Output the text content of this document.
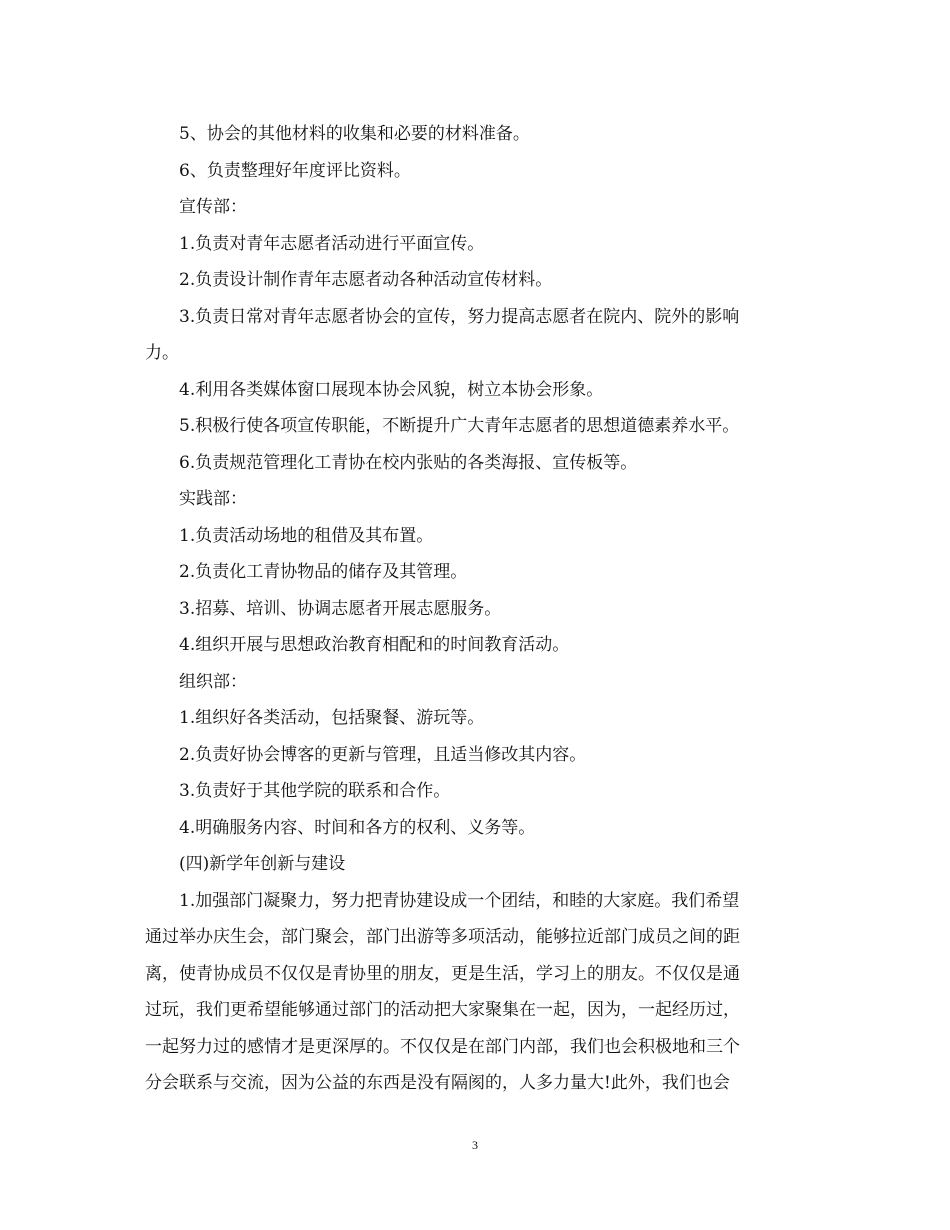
5、协会的其他材料的收集和必要的材料准备。
6、负责整理好年度评比资料。
宣传部：
1.负责对青年志愿者活动进行平面宣传。
2.负责设计制作青年志愿者动各种活动宣传材料。
3.负责日常对青年志愿者协会的宣传，努力提高志愿者在院内、院外的影响
力。
4.利用各类媒体窗口展现本协会风貌，树立本协会形象。
5.积极行使各项宣传职能，不断提升广大青年志愿者的思想道德素养水平。
6.负责规范管理化工青协在校内张贴的各类海报、宣传板等。
实践部：
1.负责活动场地的租借及其布置。
2.负责化工青协物品的储存及其管理。
3.招募、培训、协调志愿者开展志愿服务。
4.组织开展与思想政治教育相配和的时间教育活动。
组织部：
1.组织好各类活动，包括聚餐、游玩等。
2.负责好协会博客的更新与管理，且适当修改其内容。
3.负责好于其他学院的联系和合作。
4.明确服务内容、时间和各方的权利、义务等。
(四)新学年创新与建设
1.加强部门凝聚力，努力把青协建设成一个团结，和睦的大家庭。我们希望
通过举办庆生会，部门聚会，部门出游等多项活动，能够拉近部门成员之间的距
离，使青协成员不仅仅是青协里的朋友，更是生活，学习上的朋友。不仅仅是通
过玩，我们更希望能够通过部门的活动把大家聚集在一起，因为，一起经历过，
一起努力过的感情才是更深厚的。不仅仅是在部门内部，我们也会积极地和三个
分会联系与交流，因为公益的东西是没有隔阂的，人多力量大!此外，我们也会
3
